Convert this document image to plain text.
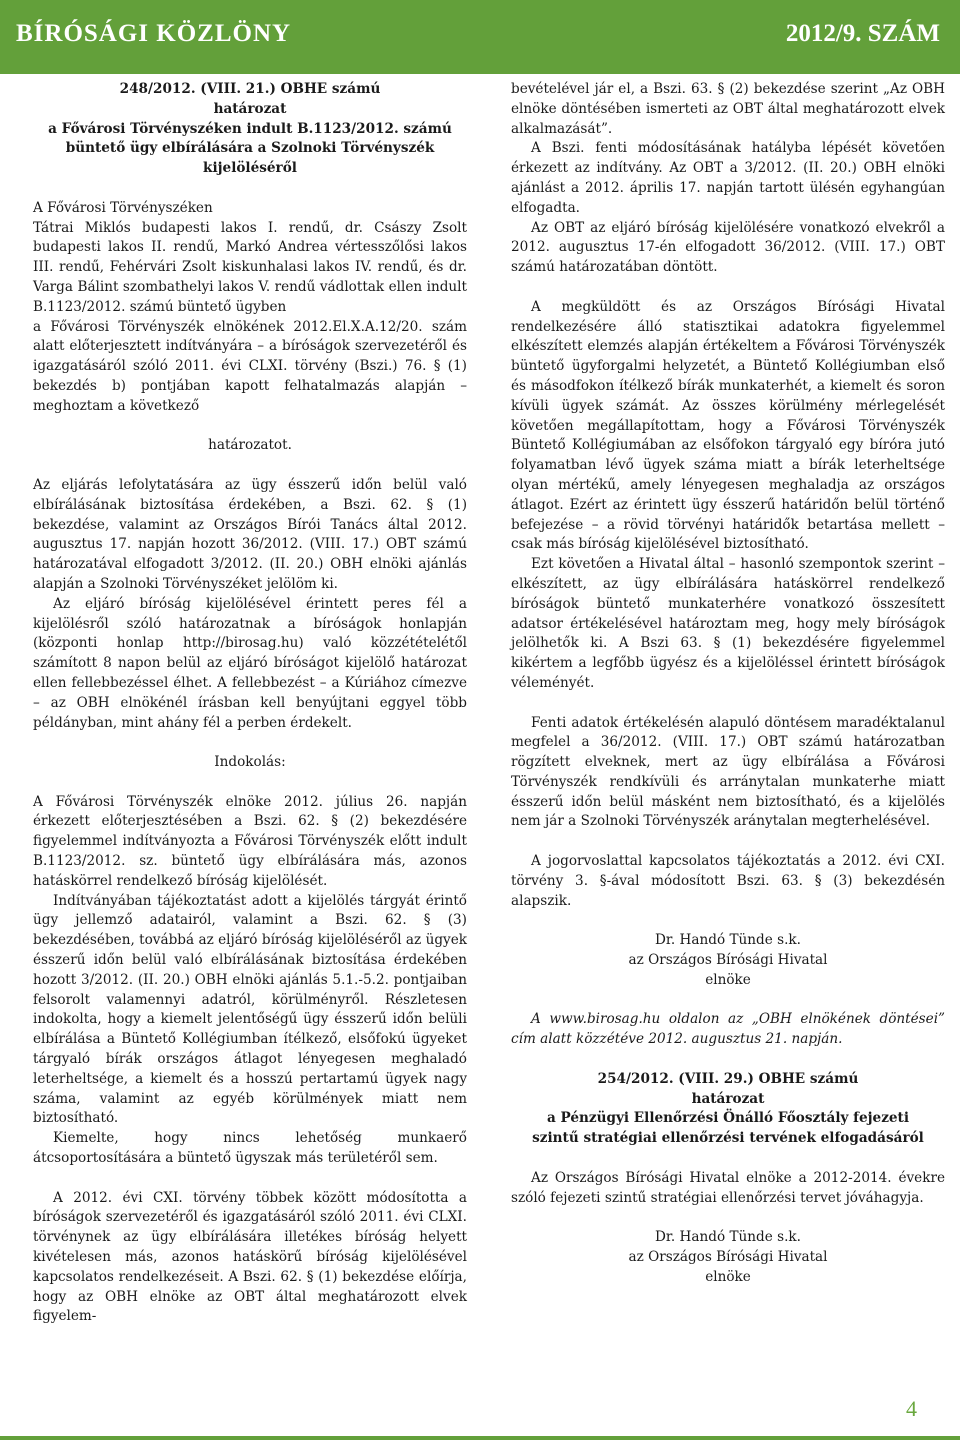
BÍRÓSÁGI KÖZLÖNY	2012/9. SZÁM

248/2012. (VIII. 21.) OBHE számú

határozat

a Fővárosi Törvényszéken indult B.1123/2012. számú

büntető ügy elbírálására a Szolnoki Törvényszék

kijelöléséről

A Fővárosi Törvényszéken

Tátrai Miklós budapesti lakos I. rendű, dr. Császy Zsolt budapesti lakos II. rendű, Markó Andrea vértesszőlősi lakos III. rendű, Fehérvári Zsolt kiskunhalasi lakos IV. rendű, és dr. Varga Bálint szombathelyi lakos V. rendű vádlottak ellen indult B.1123/2012. számú büntető ügyben

a Fővárosi Törvényszék elnökének 2012.El.X.A.12/20. szám alatt előterjesztett indítványára – a bíróságok szervezetéről és igazgatásáról szóló 2011. évi CLXI. törvény (Bszi.) 76. § (1) bekezdés b) pontjában kapott felhatalmazás alapján – meghoztam a következő

határozatot.

Az eljárás lefolytatására az ügy ésszerű időn belül való elbírálásának biztosítása érdekében, a Bszi. 62. § (1) bekezdése, valamint az Országos Bírói Tanács által 2012. augusztus 17. napján hozott 36/2012. (VIII. 17.) OBT számú határozatával elfogadott 3/2012. (II. 20.) OBH elnöki ajánlás alapján a Szolnoki Törvényszéket jelölöm ki.

Az eljáró bíróság kijelölésével érintett peres fél a kijelölésről szóló határozatnak a bíróságok honlapján (központi honlap http://birosag.hu) való közzétételétől számított 8 napon belül az eljáró bíróságot kijelölő határozat ellen fellebbezéssel élhet. A fellebbezést – a Kúriához címezve – az OBH elnökénél írásban kell benyújtani eggyel több példányban, mint ahány fél a perben érdekelt.

Indokolás:

A Fővárosi Törvényszék elnöke 2012. július 26. napján érkezett előterjesztésében a Bszi. 62. § (2) bekezdésére figyelemmel indítványozta a Fővárosi Törvényszék előtt indult B.1123/2012. sz. büntető ügy elbírálására más, azonos hatáskörrel rendelkező bíróság kijelölését.

Indítványában tájékoztatást adott a kijelölés tárgyát érintő ügy jellemző adatairól, valamint a Bszi. 62. § (3) bekezdésében, továbbá az eljáró bíróság kijelöléséről az ügyek ésszerű időn belül való elbírálásának biztosítása érdekében hozott 3/2012. (II. 20.) OBH elnöki ajánlás 5.1.-5.2. pontjaiban felsorolt valamennyi adatról, körülményről. Részletesen indokolta, hogy a kiemelt jelentőségű ügy ésszerű időn belüli elbírálása a Büntető Kollégiumban ítélkező, elsőfokú ügyeket tárgyaló bírák országos átlagot lényegesen meghaladó leterheltsége, a kiemelt és a hosszú pertartamú ügyek nagy száma, valamint az egyéb körülmények miatt nem biztosítható.

Kiemelte, hogy nincs lehetőség munkaerő átcsoportosítására a büntető ügyszak más területéről sem.

A 2012. évi CXI. törvény többek között módosította a bíróságok szervezetéről és igazgatásáról szóló 2011. évi CLXI. törvénynek az ügy elbírálására illetékes bíróság helyett kivételesen más, azonos hatáskörű bíróság kijelölésével kapcsolatos rendelkezéseit. A Bszi. 62. § (1) bekezdése előírja, hogy az OBH elnöke az OBT által meghatározott elvek figyelem-

bevételével jár el, a Bszi. 63. § (2) bekezdése szerint „Az OBH elnöke döntésében ismerteti az OBT által meghatározott elvek alkalmazását”.

A Bszi. fenti módosításának hatályba lépését követően érkezett az indítvány. Az OBT a 3/2012. (II. 20.) OBH elnöki ajánlást a 2012. április 17. napján tartott ülésén egyhangúan elfogadta.

Az OBT az eljáró bíróság kijelölésére vonatkozó elvekről a 2012. augusztus 17-én elfogadott 36/2012. (VIII. 17.) OBT számú határozatában döntött.

A megküldött és az Országos Bírósági Hivatal rendelkezésére álló statisztikai adatokra figyelemmel elkészített elemzés alapján értékeltem a Fővárosi Törvényszék büntető ügyforgalmi helyzetét, a Büntető Kollégiumban első és másodfokon ítélkező bírák munkaterhét, a kiemelt és soron kívüli ügyek számát. Az összes körülmény mérlegelését követően megállapítottam, hogy a Fővárosi Törvényszék Büntető Kollégiumában az elsőfokon tárgyaló egy bíróra jutó folyamatban lévő ügyek száma miatt a bírák leterheltsége olyan mértékű, amely lényegesen meghaladja az országos átlagot. Ezért az érintett ügy ésszerű határidőn belül történő befejezése – a rövid törvényi határidők betartása mellett – csak más bíróság kijelölésével biztosítható.

Ezt követően a Hivatal által – hasonló szempontok szerint – elkészített, az ügy elbírálására hatáskörrel rendelkező bíróságok büntető munkaterhére vonatkozó összesített adatsor értékelésével határoztam meg, hogy mely bíróságok jelölhetők ki. A Bszi 63. § (1) bekezdésére figyelemmel kikértem a legfőbb ügyész és a kijelöléssel érintett bíróságok véleményét.

Fenti adatok értékelésén alapuló döntésem maradéktalanul megfelel a 36/2012. (VIII. 17.) OBT számú határozatban rögzített elveknek, mert az ügy elbírálása a Fővárosi Törvényszék rendkívüli és arránytalan munkaterhe miatt ésszerű időn belül másként nem biztosítható, és a kijelölés nem jár a Szolnoki Törvényszék aránytalan megterhelésével.

A jogorvoslattal kapcsolatos tájékoztatás a 2012. évi CXI. törvény 3. §-ával módosított Bszi. 63. § (3) bekezdésén alapszik.

Dr. Handó Tünde s.k.

az Országos Bírósági Hivatal

elnöke

A www.birosag.hu oldalon az „OBH elnökének döntései” cím alatt közzétéve 2012. augusztus 21. napján.

254/2012. (VIII. 29.) OBHE számú

határozat

a Pénzügyi Ellenőrzési Önálló Főosztály fejezeti

szintű stratégiai ellenőrzési tervének elfogadásáról

Az Országos Bírósági Hivatal elnöke a 2012-2014. évekre szóló fejezeti szintű stratégiai ellenőrzési tervet jóváhagyja.

Dr. Handó Tünde s.k.

az Országos Bírósági Hivatal

elnöke

4
